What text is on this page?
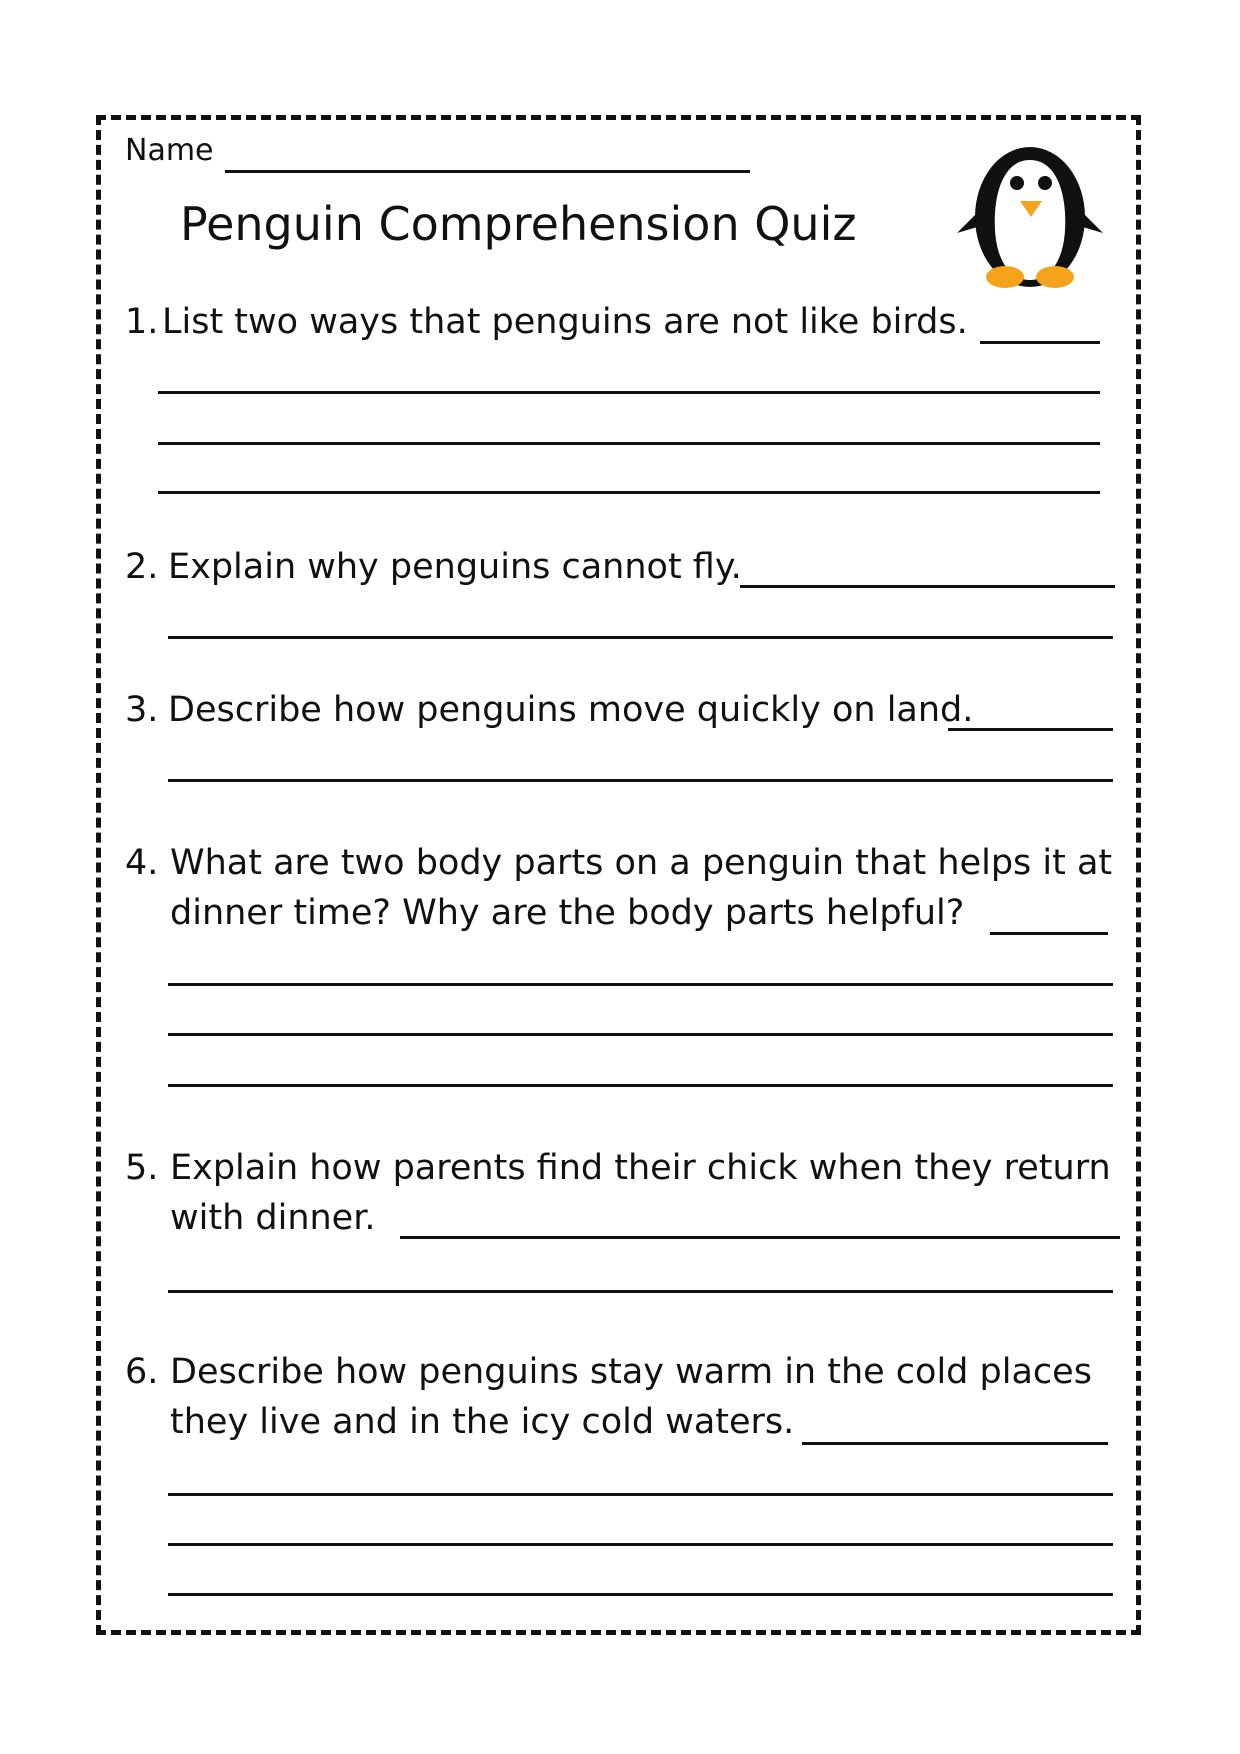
Name
Penguin Comprehension Quiz
1. List two ways that penguins are not like birds.
2. Explain why penguins cannot fly.
3. Describe how penguins move quickly on land.
4. What are two body parts on a penguin that helps it at
dinner time? Why are the body parts helpful?
5. Explain how parents find their chick when they return
with dinner.
6. Describe how penguins stay warm in the cold places
they live and in the icy cold waters.
